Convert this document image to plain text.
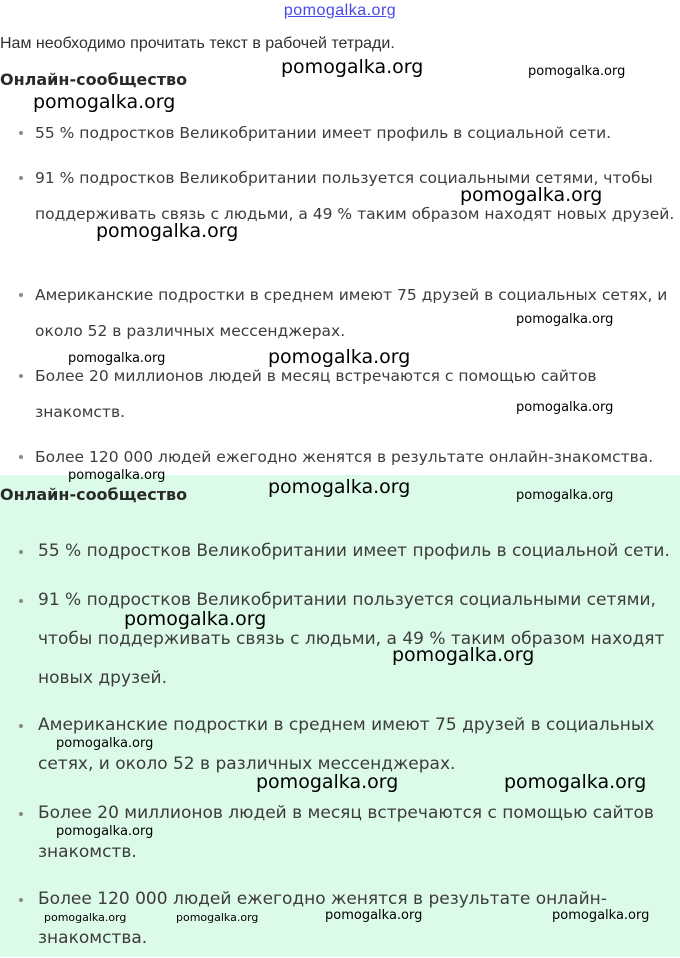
pomogalka.org
Нам необходимо прочитать текст в рабочей тетради.
Онлайн-сообщество
55 % подростков Великобритании имеет профиль в социальной сети.
91 % подростков Великобритании пользуется социальными сетями, чтобы поддерживать связь с людьми, а 49 % таким образом находят новых друзей.
Американские подростки в среднем имеют 75 друзей в социальных сетях, и около 52 в различных мессенджерах.
Более 20 миллионов людей в месяц встречаются с помощью сайтов знакомств.
Более 120 000 людей ежегодно женятся в результате онлайн-знакомства.
Онлайн-сообщество
55 % подростков Великобритании имеет профиль в социальной сети.
91 % подростков Великобритании пользуется социальными сетями, чтобы поддерживать связь с людьми, а 49 % таким образом находят новых друзей.
Американские подростки в среднем имеют 75 друзей в социальных сетях, и около 52 в различных мессенджерах.
Более 20 миллионов людей в месяц встречаются с помощью сайтов знакомств.
Более 120 000 людей ежегодно женятся в результате онлайн-знакомства.
pomogalka.org	pomogalka.org
pomogalka.org
pomogalka.org
pomogalka.org
pomogalka.org
pomogalka.org	pomogalka.org
pomogalka.org
pomogalka.org
pomogalka.org	pomogalka.org
pomogalka.org
pomogalka.org
pomogalka.org
pomogalka.org	pomogalka.org
pomogalka.org
pomogalka.org	pomogalka.org	pomogalka.org	pomogalka.org
